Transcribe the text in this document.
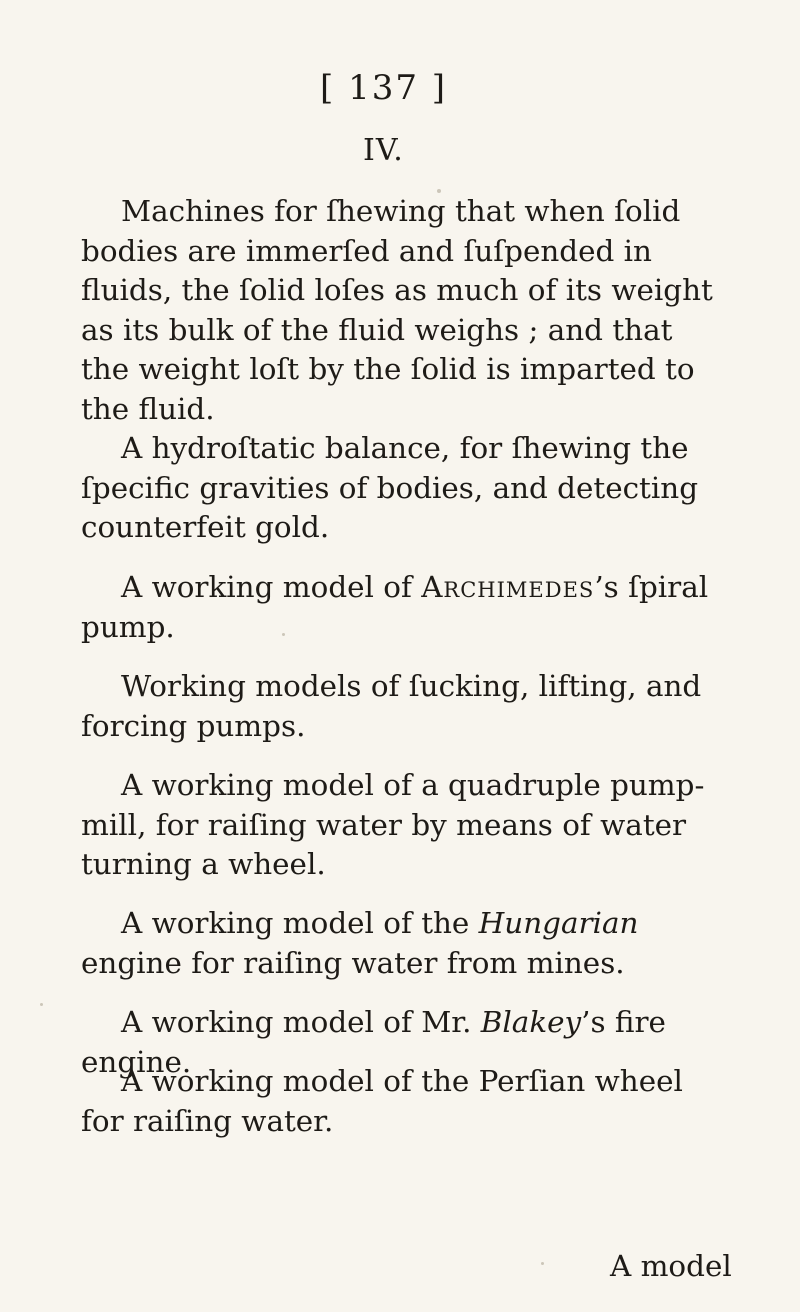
[ 137 ]
IV.

Machines for ſhewing that when ſolid bodies are immerſed and ſuſpended in fluids, the ſolid loſes as much of its weight as its bulk of the fluid weighs ; and that the weight loſt by the ſolid is imparted to the fluid.

A hydroſtatic balance, for ſhewing the ſpecific gravities of bodies, and detecting counterfeit gold.

A working model of Archimedes’s ſpiral pump.

Working models of ſucking, lifting, and forcing pumps.

A working model of a quadruple pump-mill, for raiſing water by means of water turning a wheel.

A working model of the Hungarian engine for raiſing water from mines.

A working model of Mr. Blakey’s fire engine.

A working model of the Perſian wheel for raiſing water.

A model
